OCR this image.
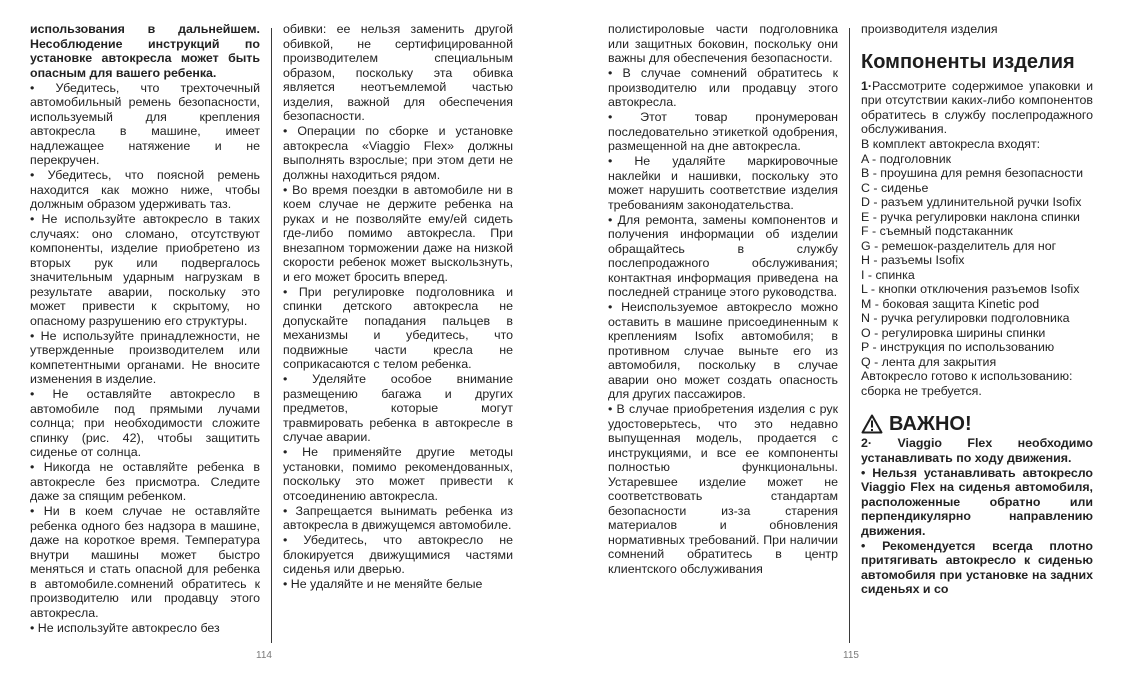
использования в дальнейшем. Несоблюдение инструкций по установке автокресла может быть опасным для вашего ребенка.

• Убедитесь, что трехточечный автомобильный ремень безопасности, используемый для крепления автокресла в машине, имеет надлежащее натяжение и не перекручен.

• Убедитесь, что поясной ремень находится как можно ниже, чтобы должным образом удерживать таз.

• Не используйте автокресло в таких случаях: оно сломано, отсутствуют компоненты, изделие приобретено из вторых рук или подвергалось значительным ударным нагрузкам в результате аварии, поскольку это может привести к скрытому, но опасному разрушению его структуры.

• Не используйте принадлежности, не утвержденные производителем или компетентными органами. Не вносите изменения в изделие.

• Не оставляйте автокресло в автомобиле под прямыми лучами солнца; при необходимости сложите спинку (рис. 42), чтобы защитить сиденье от солнца.

• Никогда не оставляйте ребенка в автокресле без присмотра. Следите даже за спящим ребенком.

• Ни в коем случае не оставляйте ребенка одного без надзора в машине, даже на короткое время. Температура внутри машины может быстро меняться и стать опасной для ребенка в автомобиле.сомнений обратитесь к производителю или продавцу этого автокресла.

• Не используйте автокресло без

обивки: ее нельзя заменить другой обивкой, не сертифицированной производителем специальным образом, поскольку эта обивка является неотъемлемой частью изделия, важной для обеспечения безопасности.

• Операции по сборке и установке автокресла «Viaggio Flex» должны выполнять взрослые; при этом дети не должны находиться рядом.

• Во время поездки в автомобиле ни в коем случае не держите ребенка на руках и не позволяйте ему/ей сидеть где-либо помимо автокресла. При внезапном торможении даже на низкой скорости ребенок может выскользнуть, и его может бросить вперед.

• При регулировке подголовника и спинки детского автокресла не допускайте попадания пальцев в механизмы и убедитесь, что подвижные части кресла не соприкасаются с телом ребенка.

• Уделяйте особое внимание размещению багажа и других предметов, которые могут травмировать ребенка в автокресле в случае аварии.

• Не применяйте другие методы установки, помимо рекомендованных, поскольку это может привести к отсоединению автокресла.

• Запрещается вынимать ребенка из автокресла в движущемся автомобиле.

• Убедитесь, что автокресло не блокируется движущимися частями сиденья или дверью.

• Не удаляйте и не меняйте белые

114

полистироловые части подголовника или защитных боковин, поскольку они важны для обеспечения безопасности.

• В случае сомнений обратитесь к производителю или продавцу этого автокресла.

• Этот товар пронумерован последовательно этикеткой одобрения, размещенной на дне автокресла.

• Не удаляйте маркировочные наклейки и нашивки, поскольку это может нарушить соответствие изделия требованиям законодательства.

• Для ремонта, замены компонентов и получения информации об изделии обращайтесь в службу послепродажного обслуживания; контактная информация приведена на последней странице этого руководства.

• Неиспользуемое автокресло можно оставить в машине присоединенным к креплениям Isofix автомобиля; в противном случае выньте его из автомобиля, поскольку в случае аварии оно может создать опасность для других пассажиров.

• В случае приобретения изделия с рук удостоверьтесь, что это недавно выпущенная модель, продается с инструкциями, и все ее компоненты полностью функциональны. Устаревшее изделие может не соответствовать стандартам безопасности из-за старения материалов и обновления нормативных требований. При наличии сомнений обратитесь в центр клиентского обслуживания

производителя изделия

Компоненты изделия

1·Рассмотрите содержимое упаковки и при отсутствии каких-либо компонентов обратитесь в службу послепродажного обслуживания.

В комплект автокресла входят:

A - подголовник
B - проушина для ремня безопасности
C - сиденье
D - разъем удлинительной ручки Isofix
E - ручка регулировки наклона спинки
F - съемный подстаканник
G - ремешок-разделитель для ног
H - разъемы Isofix
I - спинка
L - кнопки отключения разъемов Isofix
M - боковая защита Kinetic pod
N - ручка регулировки подголовника
O - регулировка ширины спинки
P - инструкция по использованию
Q - лента для закрытия

Автокресло готово к использованию: сборка не требуется.

ВАЖНО!

2· Viaggio Flex необходимо устанавливать по ходу движения.

• Нельзя устанавливать автокресло Viaggio Flex на сиденья автомобиля, расположенные обратно или перпендикулярно направлению движения.

• Рекомендуется всегда плотно притягивать автокресло к сиденью автомобиля при установке на задних сиденьях и со

115
